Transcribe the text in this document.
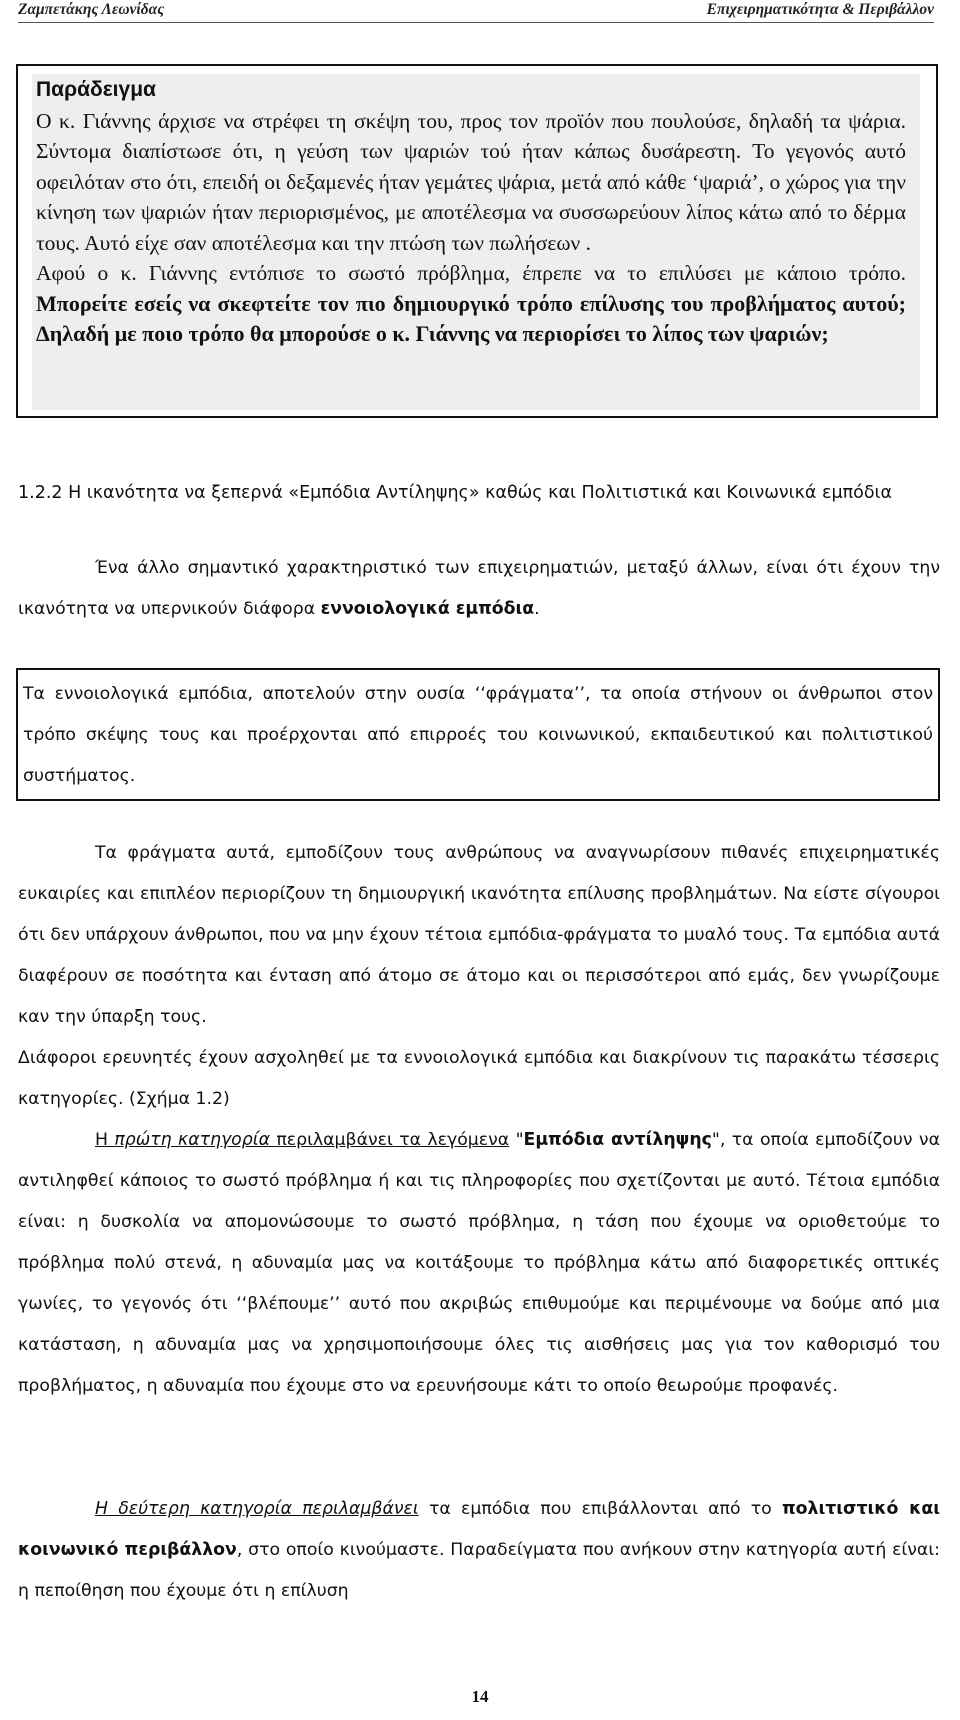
Ζαμπετάκης Λεωνίδας	Επιχειρηματικότητα & Περιβάλλον
Παράδειγμα
Ο κ. Γιάννης άρχισε να στρέφει τη σκέψη του, προς τον προϊόν που πουλούσε, δηλαδή τα ψάρια. Σύντομα διαπίστωσε ότι, η γεύση των ψαριών τού ήταν κάπως δυσάρεστη. Το γεγονός αυτό οφειλόταν στο ότι, επειδή οι δεξαμενές ήταν γεμάτες ψάρια, μετά από κάθε ‘ψαριά’, ο χώρος για την κίνηση των ψαριών ήταν περιορισμένος, με αποτέλεσμα να συσσωρεύουν λίπος κάτω από το δέρμα τους. Αυτό είχε σαν αποτέλεσμα και την πτώση των πωλήσεων .
Αφού ο κ. Γιάννης εντόπισε το σωστό πρόβλημα, έπρεπε να το επιλύσει με κάποιο τρόπο. Μπορείτε εσείς να σκεφτείτε τον πιο δημιουργικό τρόπο επίλυσης του προβλήματος αυτού; Δηλαδή με ποιο τρόπο θα μπορούσε ο κ. Γιάννης να περιορίσει το λίπος των ψαριών;
1.2.2 Η ικανότητα να ξεπερνά «Εμπόδια Αντίληψης» καθώς και Πολιτιστικά και Κοινωνικά εμπόδια
Ένα άλλο σημαντικό χαρακτηριστικό των επιχειρηματιών, μεταξύ άλλων, είναι ότι έχουν την ικανότητα να υπερνικούν διάφορα εννοιολογικά εμπόδια.
Τα εννοιολογικά εμπόδια, αποτελούν στην ουσία ‘‘φράγματα’’, τα οποία στήνουν οι άνθρωποι στον τρόπο σκέψης τους και προέρχονται από επιρροές του κοινωνικού, εκπαιδευτικού και πολιτιστικού συστήματος.
Τα φράγματα αυτά, εμποδίζουν τους ανθρώπους να αναγνωρίσουν πιθανές επιχειρηματικές ευκαιρίες και επιπλέον περιορίζουν τη δημιουργική ικανότητα επίλυσης προβλημάτων. Να είστε σίγουροι ότι δεν υπάρχουν άνθρωποι, που να μην έχουν τέτοια εμπόδια-φράγματα το μυαλό τους. Τα εμπόδια αυτά διαφέρουν σε ποσότητα και ένταση από άτομο σε άτομο και οι περισσότεροι από εμάς, δεν γνωρίζουμε καν την ύπαρξη τους.
Διάφοροι ερευνητές έχουν ασχοληθεί με τα εννοιολογικά εμπόδια και διακρίνουν τις παρακάτω τέσσερις κατηγορίες. (Σχήμα 1.2)
Η πρώτη κατηγορία περιλαμβάνει τα λεγόμενα "Εμπόδια αντίληψης", τα οποία εμποδίζουν να αντιληφθεί κάποιος το σωστό πρόβλημα ή και τις πληροφορίες που σχετίζονται με αυτό. Τέτοια εμπόδια είναι: η δυσκολία να απομονώσουμε το σωστό πρόβλημα, η τάση που έχουμε να οριοθετούμε το πρόβλημα πολύ στενά, η αδυναμία μας να κοιτάξουμε το πρόβλημα κάτω από διαφορετικές οπτικές γωνίες, το γεγονός ότι ‘‘βλέπουμε’’ αυτό που ακριβώς επιθυμούμε και περιμένουμε να δούμε από μια κατάσταση, η αδυναμία μας να χρησιμοποιήσουμε όλες τις αισθήσεις μας για τον καθορισμό του προβλήματος, η αδυναμία που έχουμε στο να ερευνήσουμε κάτι το οποίο θεωρούμε προφανές.
Η δεύτερη κατηγορία περιλαμβάνει τα εμπόδια που επιβάλλονται από το πολιτιστικό και κοινωνικό περιβάλλον, στο οποίο κινούμαστε. Παραδείγματα που ανήκουν στην κατηγορία αυτή είναι: η πεποίθηση που έχουμε ότι η επίλυση
14
